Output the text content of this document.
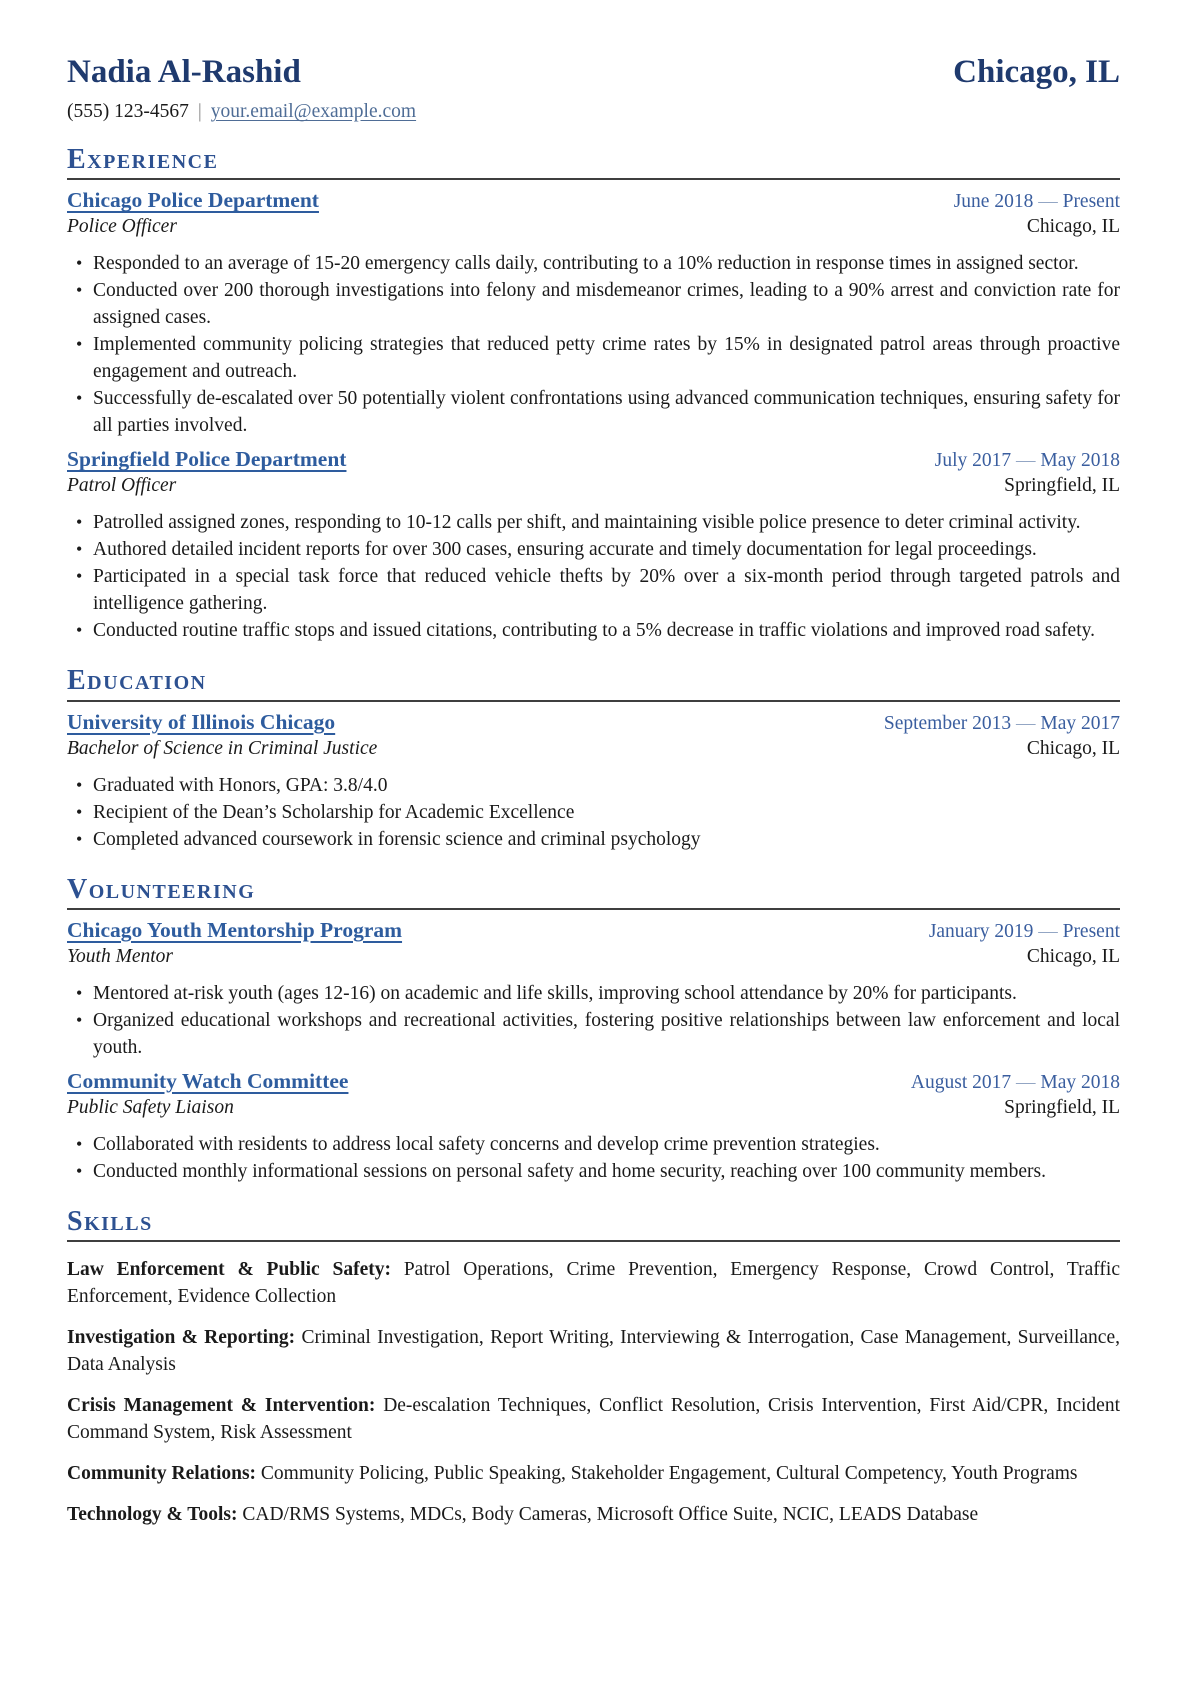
Nadia Al-Rashid	Chicago, IL
(555) 123-4567 | your.email@example.com
Experience
Chicago Police Department	June 2018 — Present
Police Officer	Chicago, IL
• Responded to an average of 15-20 emergency calls daily, contributing to a 10% reduction in response times in assigned sector.
• Conducted over 200 thorough investigations into felony and misdemeanor crimes, leading to a 90% arrest and conviction rate for assigned cases.
• Implemented community policing strategies that reduced petty crime rates by 15% in designated patrol areas through proactive engagement and outreach.
• Successfully de-escalated over 50 potentially violent confrontations using advanced communication techniques, ensuring safety for all parties involved.
Springfield Police Department	July 2017 — May 2018
Patrol Officer	Springfield, IL
• Patrolled assigned zones, responding to 10-12 calls per shift, and maintaining visible police presence to deter criminal activity.
• Authored detailed incident reports for over 300 cases, ensuring accurate and timely documentation for legal proceedings.
• Participated in a special task force that reduced vehicle thefts by 20% over a six-month period through targeted patrols and intelligence gathering.
• Conducted routine traffic stops and issued citations, contributing to a 5% decrease in traffic violations and improved road safety.
Education
University of Illinois Chicago	September 2013 — May 2017
Bachelor of Science in Criminal Justice	Chicago, IL
• Graduated with Honors, GPA: 3.8/4.0
• Recipient of the Dean’s Scholarship for Academic Excellence
• Completed advanced coursework in forensic science and criminal psychology
Volunteering
Chicago Youth Mentorship Program	January 2019 — Present
Youth Mentor	Chicago, IL
• Mentored at-risk youth (ages 12-16) on academic and life skills, improving school attendance by 20% for participants.
• Organized educational workshops and recreational activities, fostering positive relationships between law enforcement and local youth.
Community Watch Committee	August 2017 — May 2018
Public Safety Liaison	Springfield, IL
• Collaborated with residents to address local safety concerns and develop crime prevention strategies.
• Conducted monthly informational sessions on personal safety and home security, reaching over 100 community members.
Skills

Law Enforcement & Public Safety: Patrol Operations, Crime Prevention, Emergency Response, Crowd Control, Traffic Enforcement, Evidence Collection

Investigation & Reporting: Criminal Investigation, Report Writing, Interviewing & Interrogation, Case Management, Surveillance, Data Analysis

Crisis Management & Intervention: De-escalation Techniques, Conflict Resolution, Crisis Intervention, First Aid/CPR, Incident Command System, Risk Assessment

Community Relations: Community Policing, Public Speaking, Stakeholder Engagement, Cultural Competency, Youth Programs

Technology & Tools: CAD/RMS Systems, MDCs, Body Cameras, Microsoft Office Suite, NCIC, LEADS Database
